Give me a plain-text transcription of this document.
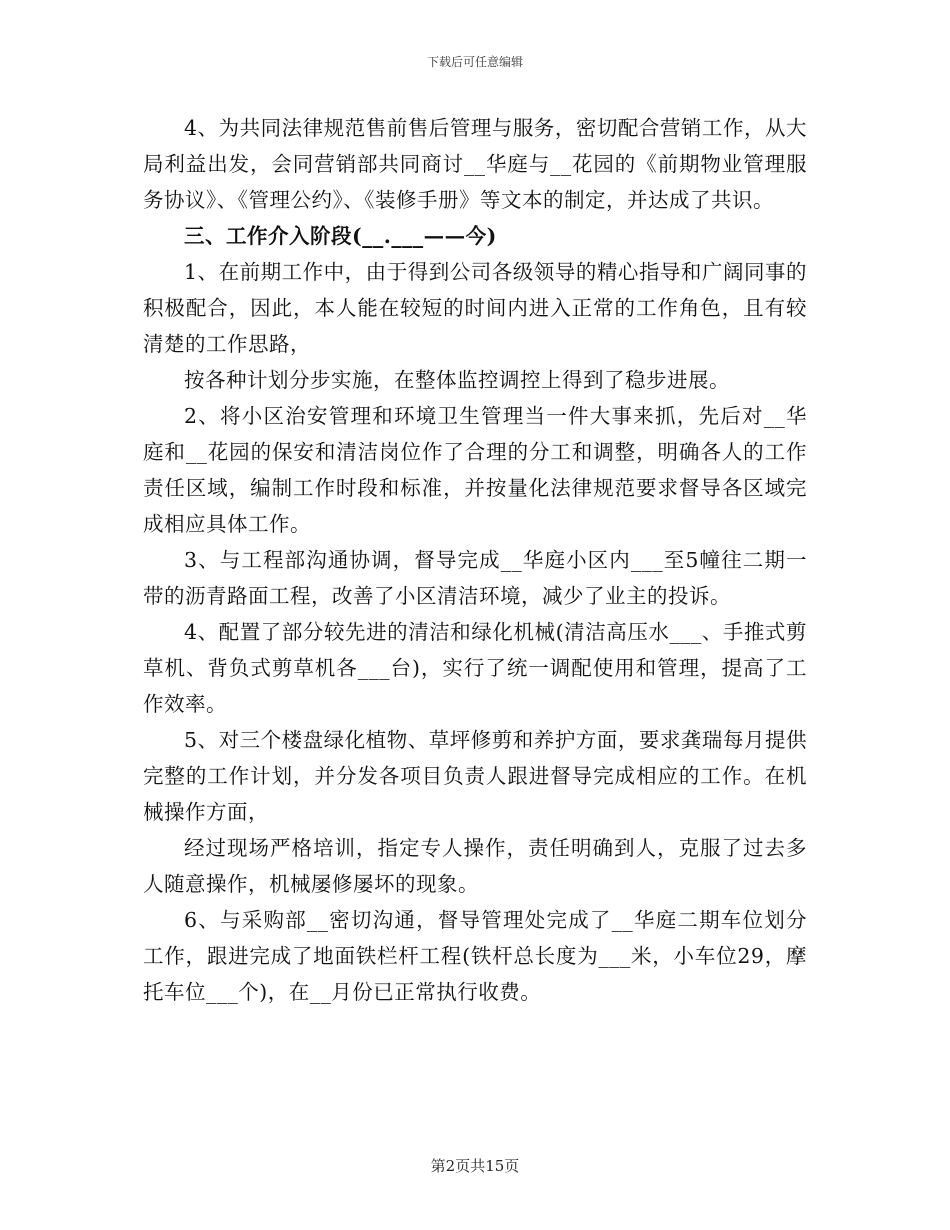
下载后可任意编辑

4、为共同法律规范售前售后管理与服务，密切配合营销工作，从大局利益出发，会同营销部共同商讨__华庭与__花园的《前期物业管理服务协议》、《管理公约》、《装修手册》等文本的制定，并达成了共识。

三、工作介入阶段(__.___——今)

1、在前期工作中，由于得到公司各级领导的精心指导和广阔同事的积极配合，因此，本人能在较短的时间内进入正常的工作角色，且有较清楚的工作思路，

按各种计划分步实施，在整体监控调控上得到了稳步进展。

2、将小区治安管理和环境卫生管理当一件大事来抓，先后对__华庭和__花园的保安和清洁岗位作了合理的分工和调整，明确各人的工作责任区域，编制工作时段和标准，并按量化法律规范要求督导各区域完成相应具体工作。

3、与工程部沟通协调，督导完成__华庭小区内___至5幢往二期一带的沥青路面工程，改善了小区清洁环境，减少了业主的投诉。

4、配置了部分较先进的清洁和绿化机械(清洁高压水___、手推式剪草机、背负式剪草机各___台)，实行了统一调配使用和管理，提高了工作效率。

5、对三个楼盘绿化植物、草坪修剪和养护方面，要求龚瑞每月提供完整的工作计划，并分发各项目负责人跟进督导完成相应的工作。在机械操作方面，

经过现场严格培训，指定专人操作，责任明确到人，克服了过去多人随意操作，机械屡修屡坏的现象。

6、与采购部__密切沟通，督导管理处完成了__华庭二期车位划分工作，跟进完成了地面铁栏杆工程(铁杆总长度为___米，小车位29，摩托车位___个)，在__月份已正常执行收费。

第2页共15页
